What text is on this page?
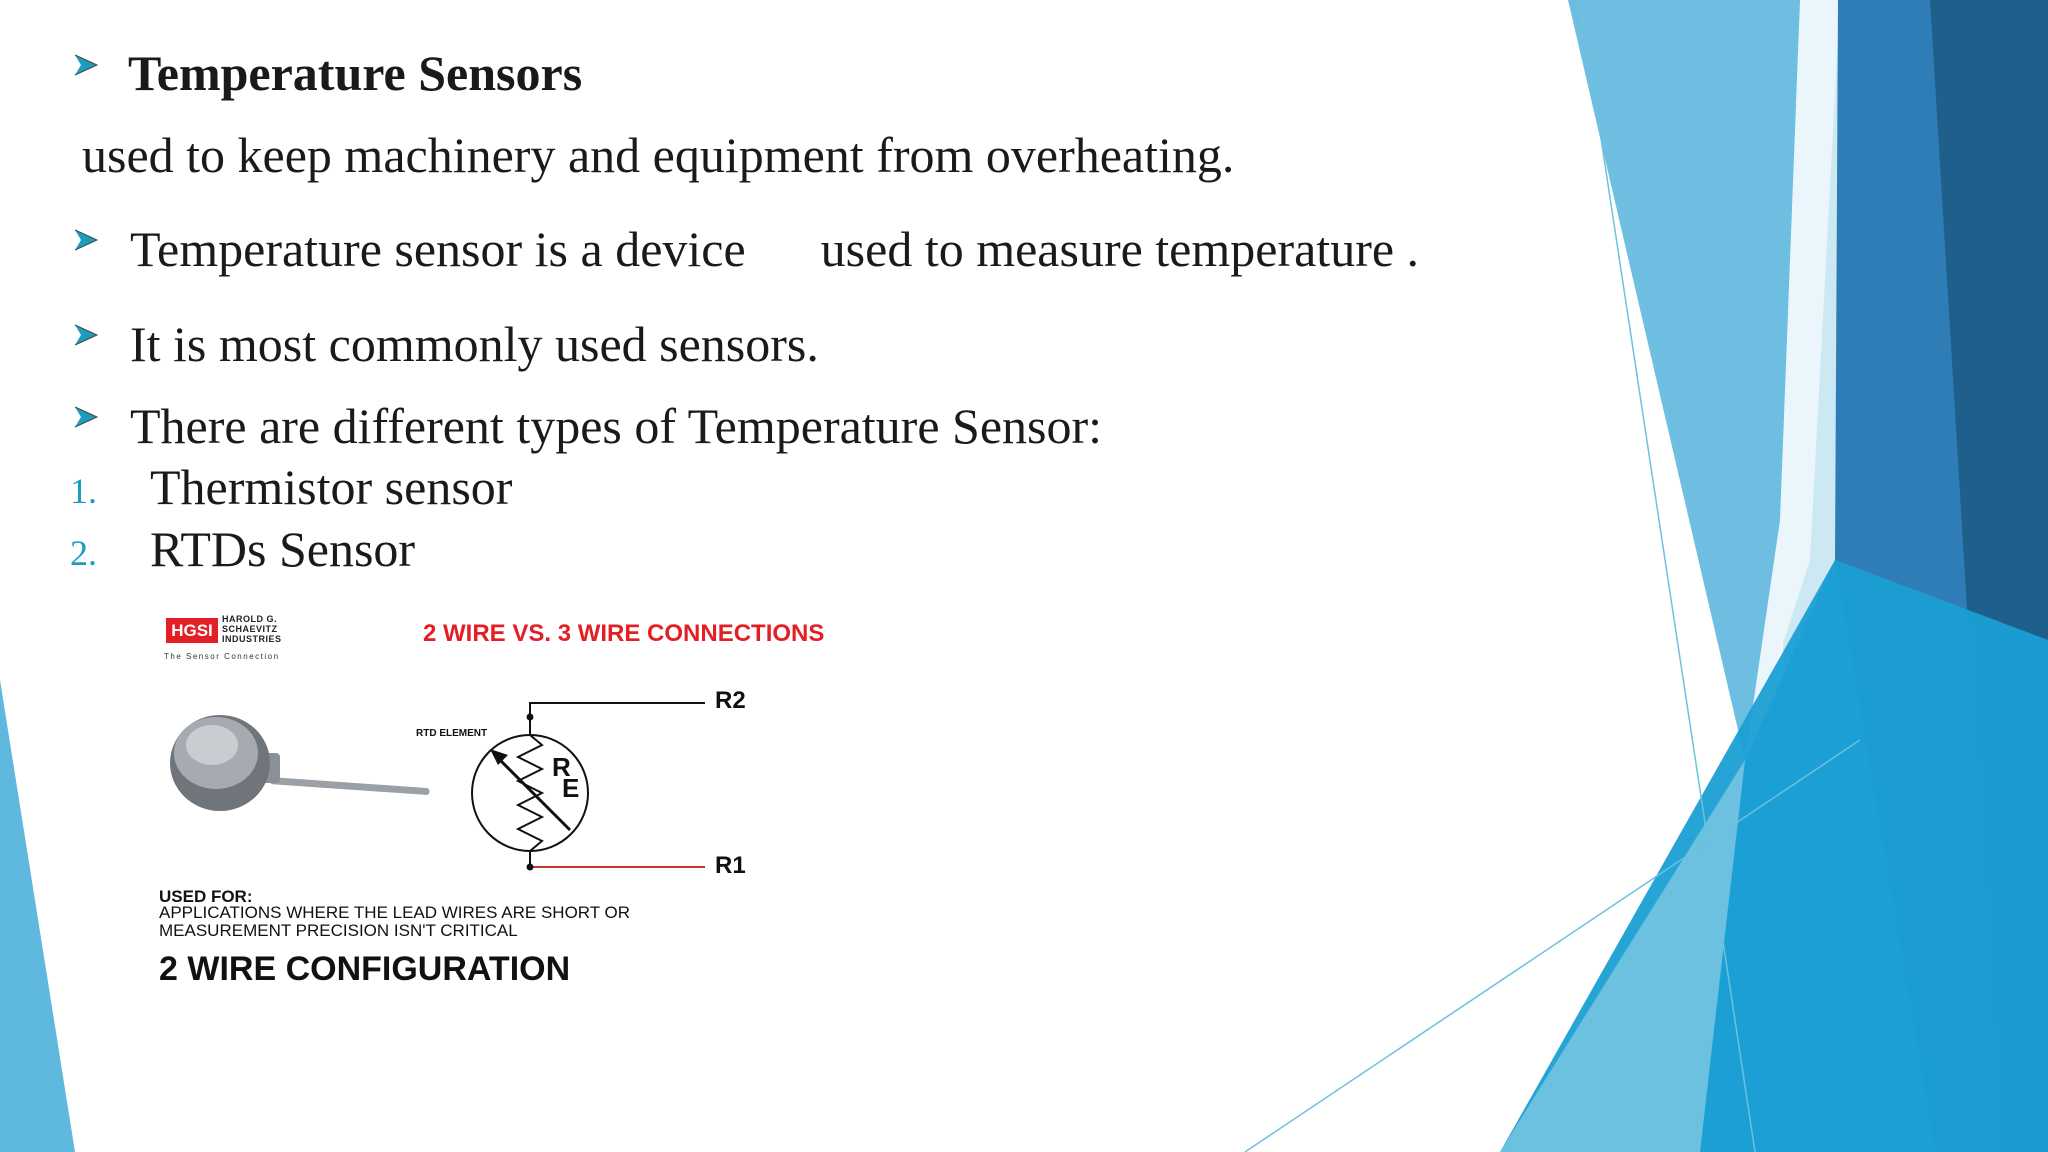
Temperature Sensors
used to keep machinery and equipment from overheating.
Temperature sensor is a device      used to measure temperature .
It is most commonly used sensors.
There are different types of Temperature Sensor:
1. Thermistor sensor
2. RTDs Sensor
HGSI
HAROLD G.
SCHAEVITZ
INDUSTRIES
The Sensor Connection
2 WIRE VS. 3 WIRE CONNECTIONS
RTD ELEMENT
R
E
R2
R1
USED FOR:
APPLICATIONS WHERE THE LEAD WIRES ARE SHORT OR MEASUREMENT PRECISION ISN'T CRITICAL
2 WIRE CONFIGURATION
